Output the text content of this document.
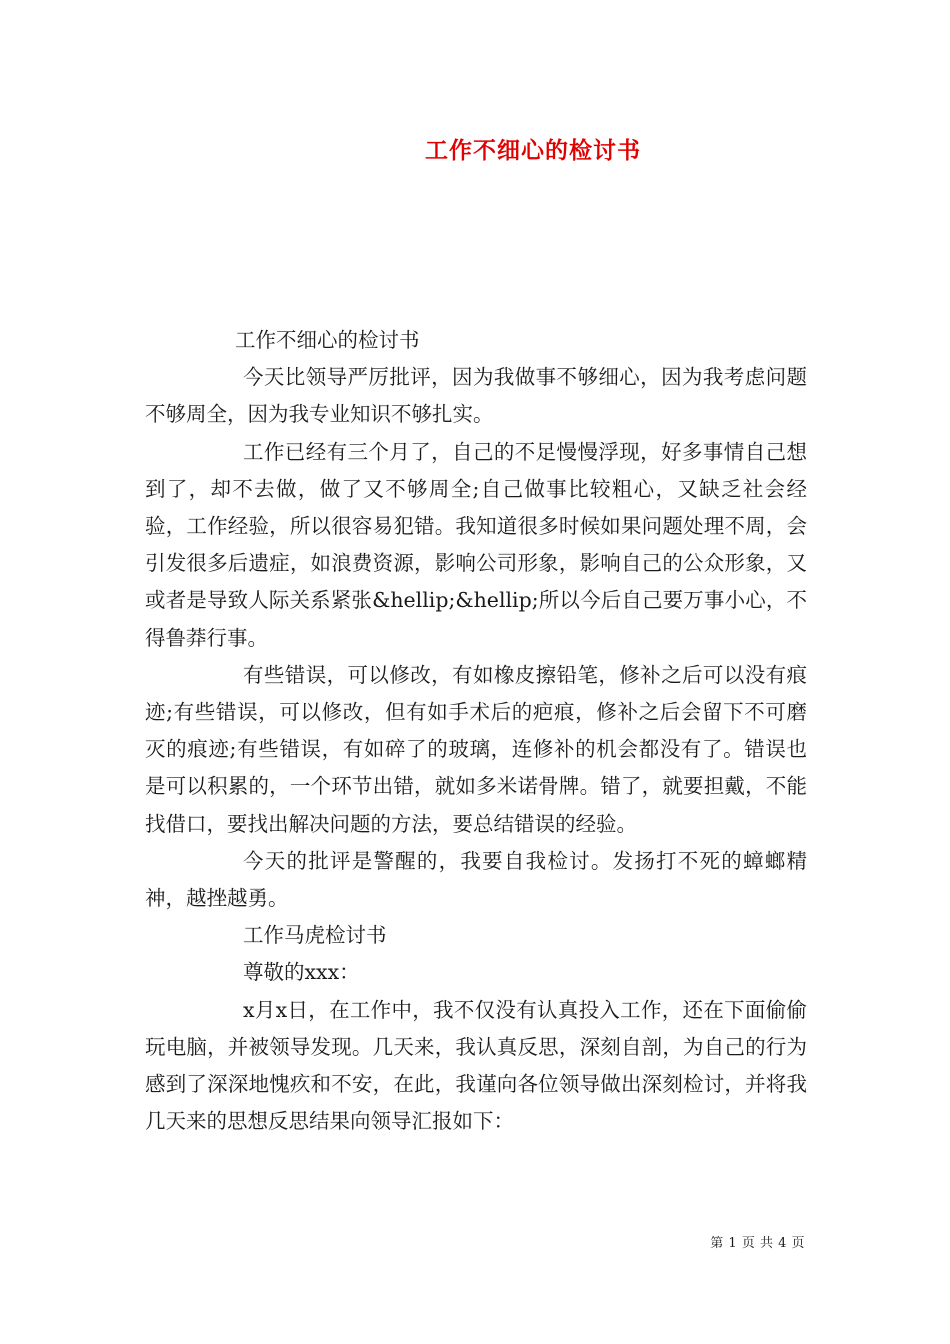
工作不细心的检讨书

工作不细心的检讨书

今天比领导严厉批评，因为我做事不够细心，因为我考虑问题不够周全，因为我专业知识不够扎实。

工作已经有三个月了，自己的不足慢慢浮现，好多事情自己想到了，却不去做，做了又不够周全;自己做事比较粗心，又缺乏社会经验，工作经验，所以很容易犯错。我知道很多时候如果问题处理不周，会引发很多后遗症，如浪费资源，影响公司形象，影响自己的公众形象，又或者是导致人际关系紧张&hellip;&hellip;所以今后自己要万事小心，不得鲁莽行事。

有些错误，可以修改，有如橡皮擦铅笔，修补之后可以没有痕迹;有些错误，可以修改，但有如手术后的疤痕，修补之后会留下不可磨灭的痕迹;有些错误，有如碎了的玻璃，连修补的机会都没有了。错误也是可以积累的，一个环节出错，就如多米诺骨牌。错了，就要担戴，不能找借口，要找出解决问题的方法，要总结错误的经验。

今天的批评是警醒的，我要自我检讨。发扬打不死的蟑螂精神，越挫越勇。

工作马虎检讨书

尊敬的xxx：

x月x日，在工作中，我不仅没有认真投入工作，还在下面偷偷玩电脑，并被领导发现。几天来，我认真反思，深刻自剖，为自己的行为感到了深深地愧疚和不安，在此，我谨向各位领导做出深刻检讨，并将我几天来的思想反思结果向领导汇报如下：

第 1 页 共 4 页
